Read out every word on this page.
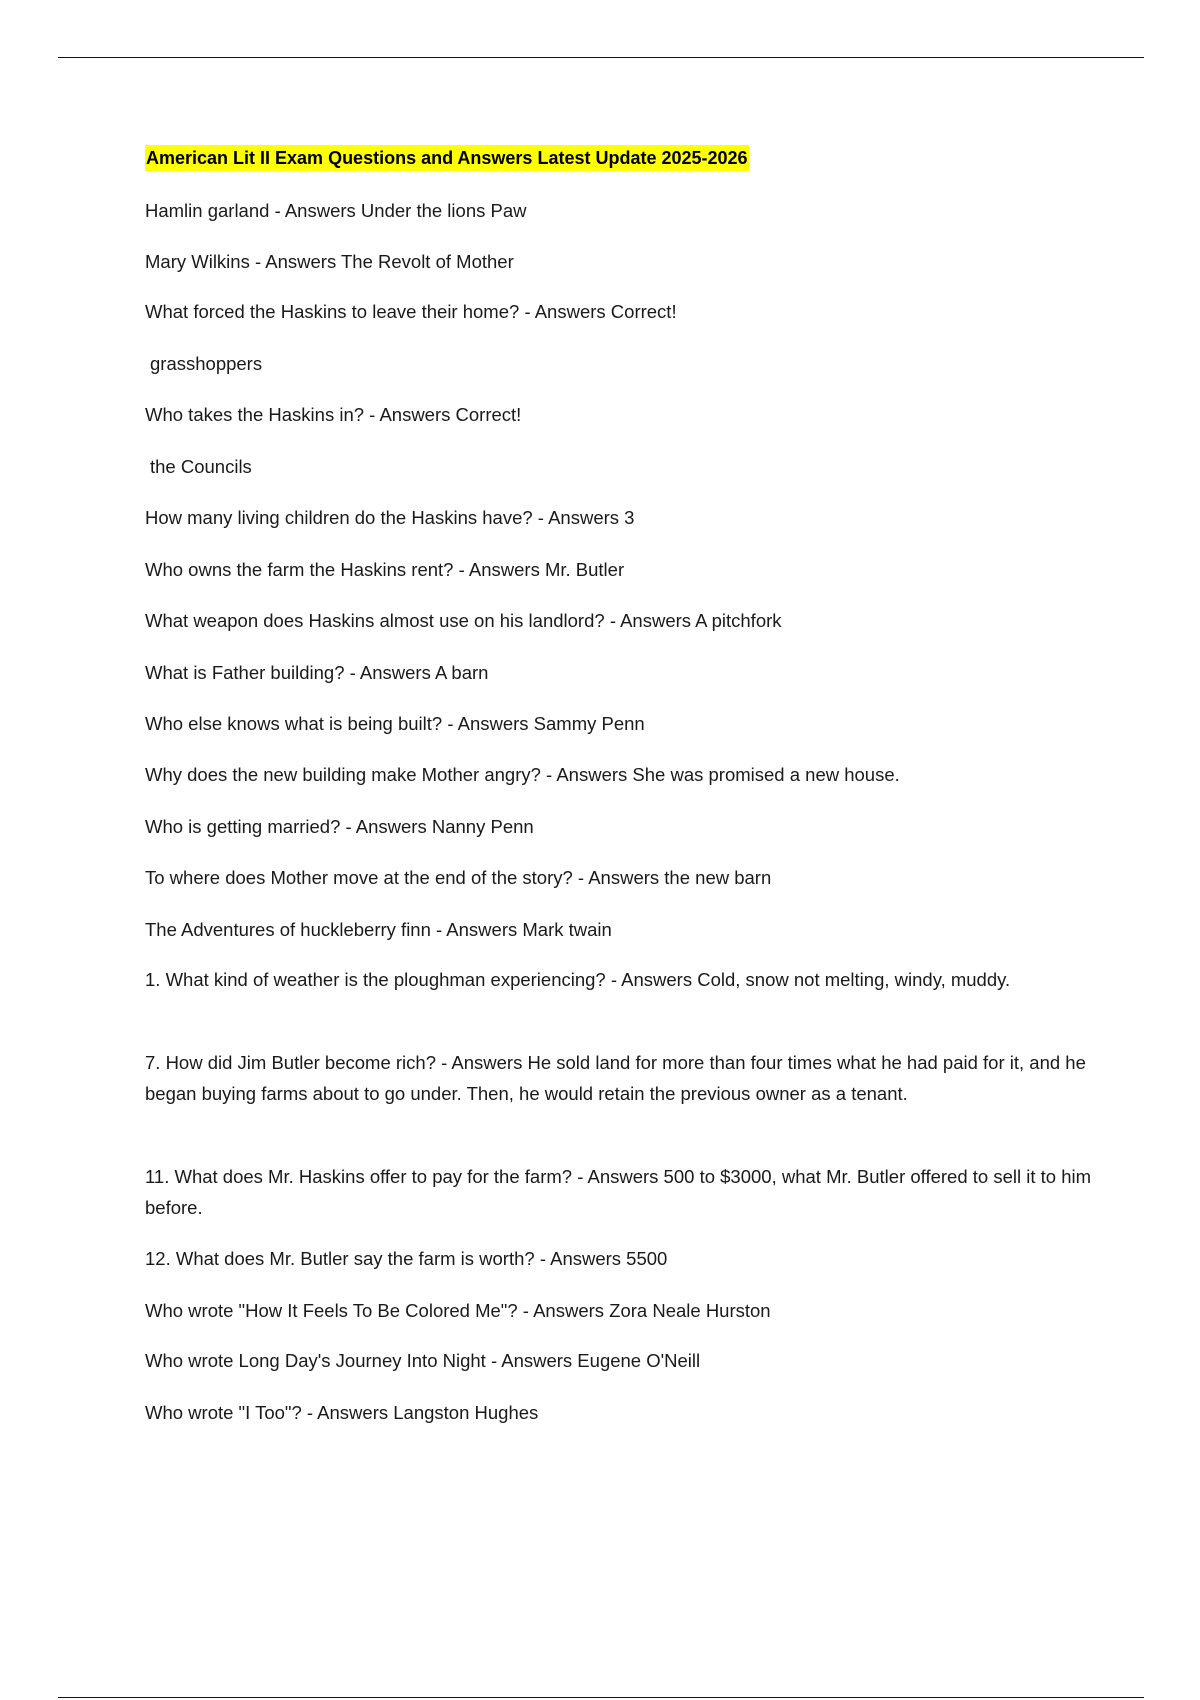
American Lit II Exam Questions and Answers Latest Update 2025-2026
Hamlin garland - Answers Under the lions Paw
Mary Wilkins - Answers The Revolt of Mother
What forced the Haskins to leave their home? - Answers Correct!
grasshoppers
Who takes the Haskins in? - Answers Correct!
the Councils
How many living children do the Haskins have? - Answers 3
Who owns the farm the Haskins rent? - Answers Mr. Butler
What weapon does Haskins almost use on his landlord? - Answers A pitchfork
What is Father building? - Answers A barn
Who else knows what is being built? - Answers Sammy Penn
Why does the new building make Mother angry? - Answers She was promised a new house.
Who is getting married? - Answers Nanny Penn
To where does Mother move at the end of the story? - Answers the new barn
The Adventures of huckleberry finn - Answers Mark twain
1. What kind of weather is the ploughman experiencing? - Answers Cold, snow not melting, windy, muddy.
7. How did Jim Butler become rich? - Answers He sold land for more than four times what he had paid for it, and he began buying farms about to go under. Then, he would retain the previous owner as a tenant.
11. What does Mr. Haskins offer to pay for the farm? - Answers 500 to $3000, what Mr. Butler offered to sell it to him before.
12. What does Mr. Butler say the farm is worth? - Answers 5500
Who wrote "How It Feels To Be Colored Me"? - Answers Zora Neale Hurston
Who wrote Long Day's Journey Into Night - Answers Eugene O'Neill
Who wrote "I Too"? - Answers Langston Hughes
